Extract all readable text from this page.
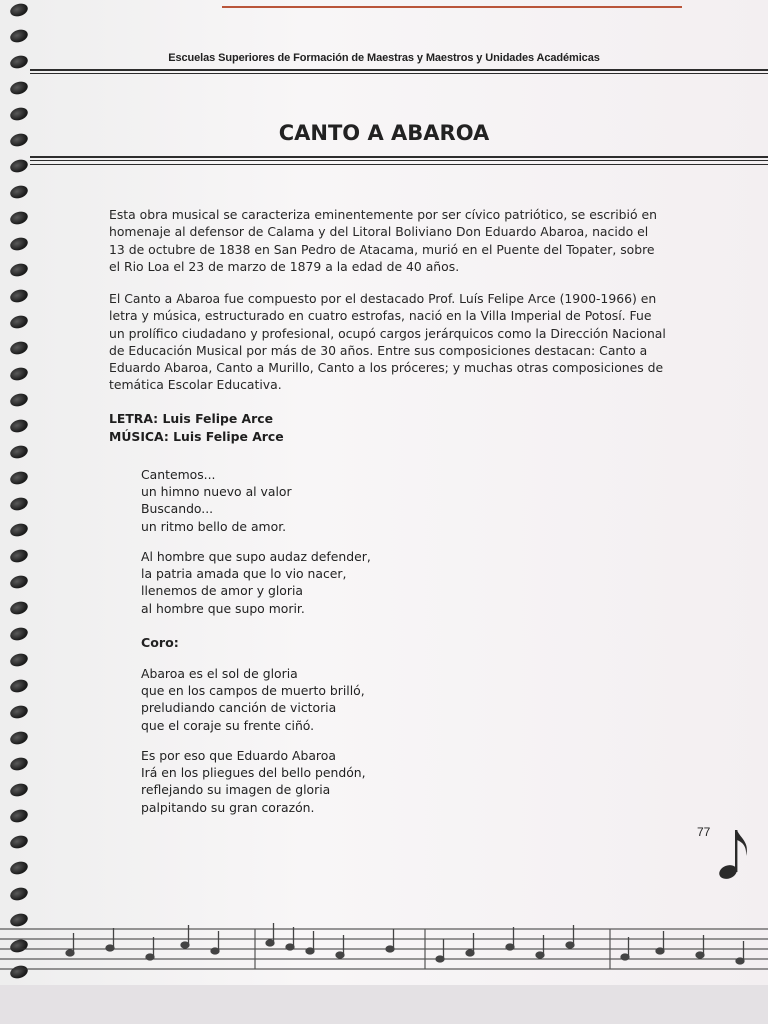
Escuelas Superiores de Formación de Maestras y Maestros y Unidades Académicas
CANTO A ABAROA
Esta obra musical se caracteriza eminentemente por ser cívico patriótico, se escribió en
homenaje al defensor de Calama y del Litoral Boliviano Don Eduardo Abaroa, nacido el
13 de octubre de 1838 en San Pedro de Atacama, murió en el Puente del Topater, sobre
el Rio Loa el 23 de marzo de 1879 a la edad de 40 años.
El Canto a Abaroa fue compuesto por el destacado Prof. Luís Felipe Arce (1900-1966) en
letra y música, estructurado en cuatro estrofas, nació en la Villa Imperial de Potosí. Fue
un prolífico ciudadano y profesional, ocupó cargos jerárquicos como la Dirección Nacional
de Educación Musical por más de 30 años. Entre sus composiciones destacan: Canto a
Eduardo Abaroa, Canto a Murillo, Canto a los próceres; y muchas otras composiciones de
temática Escolar Educativa.
LETRA: Luis Felipe Arce
MÚSICA: Luis Felipe Arce
Cantemos...
un himno nuevo al valor
Buscando...
un ritmo bello de amor.
Al hombre que supo audaz defender,
la patria amada que lo vio nacer,
llenemos de amor y gloria
al hombre que supo morir.
Coro:
Abaroa es el sol de gloria
que en los campos de muerto brilló,
preludiando canción de victoria
que el coraje su frente ciñó.
Es por eso que Eduardo Abaroa
Irá en los pliegues del bello pendón,
reflejando su imagen de gloria
palpitando su gran corazón.
77
